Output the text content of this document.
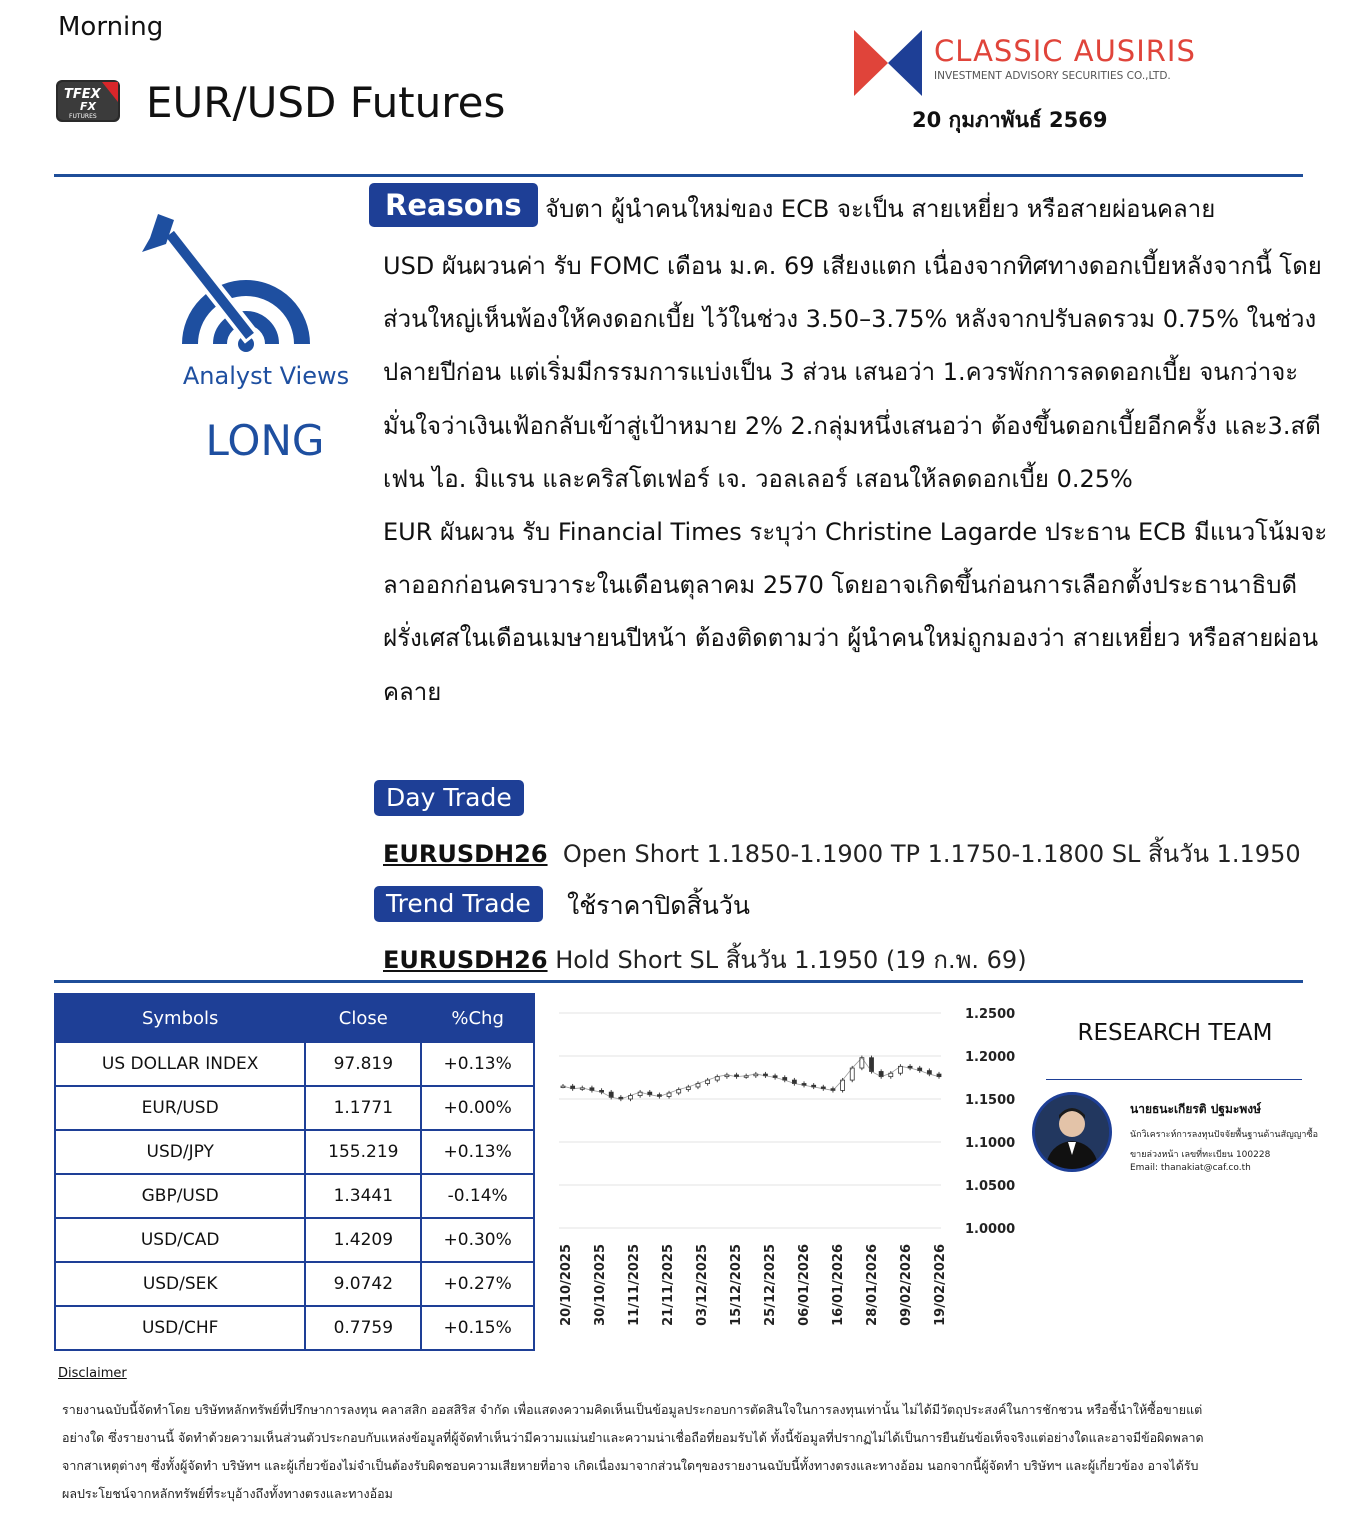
Morning
TFEX
FX
FUTURES EUR/USD Futures
CLASSIC AUSIRIS
INVESTMENT ADVISORY SECURITIES CO.,LTD.
20 กุมภาพันธ์ 2569
Analyst Views
LONG
Reasons จับตา ผู้นำคนใหม่ของ ECB จะเป็น สายเหยี่ยว หรือสายผ่อนคลาย

USD ผันผวนค่า รับ FOMC เดือน ม.ค. 69 เสียงแตก เนื่องจากทิศทางดอกเบี้ยหลังจากนี้ โดยส่วนใหญ่เห็นพ้องให้คงดอกเบี้ย ไว้ในช่วง 3.50–3.75% หลังจากปรับลดรวม 0.75% ในช่วงปลายปีก่อน แต่เริ่มมีกรรมการแบ่งเป็น 3 ส่วน เสนอว่า 1.ควรพักการลดดอกเบี้ย จนกว่าจะมั่นใจว่าเงินเฟ้อกลับเข้าสู่เป้าหมาย 2% 2.กลุ่มหนึ่งเสนอว่า ต้องขึ้นดอกเบี้ยอีกครั้ง และ3.สตีเฟน ไอ. มิแรน และคริสโตเฟอร์ เจ. วอลเลอร์ เสอนให้ลดดอกเบี้ย 0.25%

EUR ผันผวน รับ Financial Times ระบุว่า Christine Lagarde ประธาน ECB มีแนวโน้มจะลาออกก่อนครบวาระในเดือนตุลาคม 2570 โดยอาจเกิดขึ้นก่อนการเลือกตั้งประธานาธิบดีฝรั่งเศสในเดือนเมษายนปีหน้า ต้องติดตามว่า ผู้นำคนใหม่ถูกมองว่า สายเหยี่ยว หรือสายผ่อนคลาย

Day Trade
EURUSDH26 Open Short 1.1850-1.1900 TP 1.1750-1.1800 SL สิ้นวัน 1.1950
Trend Trade	ใช้ราคาปิดสิ้นวัน
EURUSDH26 Hold Short SL สิ้นวัน 1.1950 (19 ก.พ. 69)
Symbols	Close	%Chg
US DOLLAR INDEX	97.819	+0.13%
EUR/USD	1.1771	+0.00%
USD/JPY	155.219	+0.13%
GBP/USD	1.3441	-0.14%
USD/CAD	1.4209	+0.30%
USD/SEK	9.0742	+0.27%
USD/CHF	0.7759	+0.15%
1.2500
1.2000
1.1500
1.1000
1.0500
1.0000
20/10/2025 30/10/2025 11/11/2025 21/11/2025 03/12/2025 15/12/2025 25/12/2025 06/01/2026 16/01/2026 28/01/2026 09/02/2026 19/02/2026
RESEARCH TEAM
นายธนะเกียรติ ปฐมะพงษ์
นักวิเคราะห์การลงทุนปัจจัยพื้นฐานด้านสัญญาซื้อ
ขายล่วงหน้า เลขที่ทะเบียน 100228
Email: thanakiat@caf.co.th
Disclaimer
รายงานฉบับนี้จัดทำโดย บริษัทหลักทรัพย์ที่ปรึกษาการลงทุน คลาสสิก ออสสิริส จำกัด เพื่อแสดงความคิดเห็นเป็นข้อมูลประกอบการตัดสินใจในการลงทุนเท่านั้น ไม่ได้มีวัตถุประสงค์ในการชักชวน หรือชี้นำให้ซื้อขายแต่
อย่างใด ซึ่งรายงานนี้ จัดทำด้วยความเห็นส่วนตัวประกอบกับแหล่งข้อมูลที่ผู้จัดทำเห็นว่ามีความแม่นยำและความน่าเชื่อถือที่ยอมรับได้ ทั้งนี้ข้อมูลที่ปรากฏไม่ได้เป็นการยืนยันข้อเท็จจริงแต่อย่างใดและอาจมีข้อผิดพลาด
จากสาเหตุต่างๆ ซึ่งทั้งผู้จัดทำ บริษัทฯ และผู้เกี่ยวข้องไม่จำเป็นต้องรับผิดชอบความเสียหายที่อาจ เกิดเนื่องมาจากส่วนใดๆของรายงานฉบับนี้ทั้งทางตรงและทางอ้อม นอกจากนี้ผู้จัดทำ บริษัทฯ และผู้เกี่ยวข้อง อาจได้รับ
ผลประโยชน์จากหลักทรัพย์ที่ระบุอ้างถึงทั้งทางตรงและทางอ้อม
